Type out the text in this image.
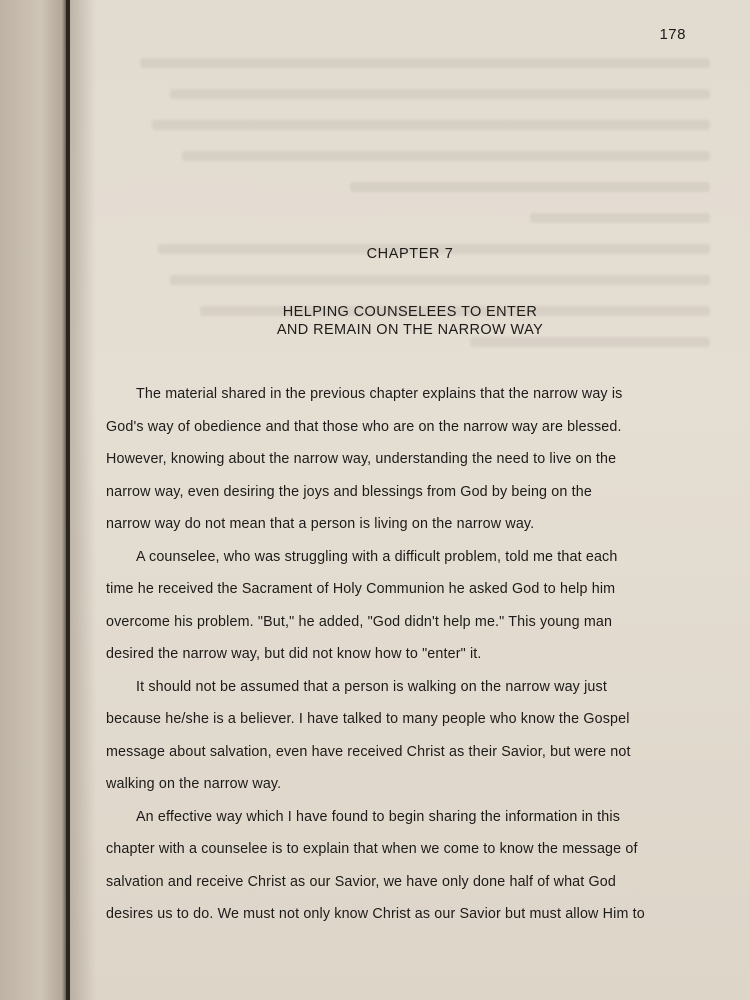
178
CHAPTER 7
HELPING COUNSELEES TO ENTER
AND REMAIN ON THE NARROW WAY

The material shared in the previous chapter explains that the narrow way is
God's way of obedience and that those who are on the narrow way are blessed.
However, knowing about the narrow way, understanding the need to live on the
narrow way, even desiring the joys and blessings from God by being on the
narrow way do not mean that a person is living on the narrow way.

A counselee, who was struggling with a difficult problem, told me that each
time he received the Sacrament of Holy Communion he asked God to help him
overcome his problem. "But," he added, "God didn't help me." This young man
desired the narrow way, but did not know how to "enter" it.

It should not be assumed that a person is walking on the narrow way just
because he/she is a believer. I have talked to many people who know the Gospel
message about salvation, even have received Christ as their Savior, but were not
walking on the narrow way.

An effective way which I have found to begin sharing the information in this
chapter with a counselee is to explain that when we come to know the message of
salvation and receive Christ as our Savior, we have only done half of what God
desires us to do. We must not only know Christ as our Savior but must allow Him to
